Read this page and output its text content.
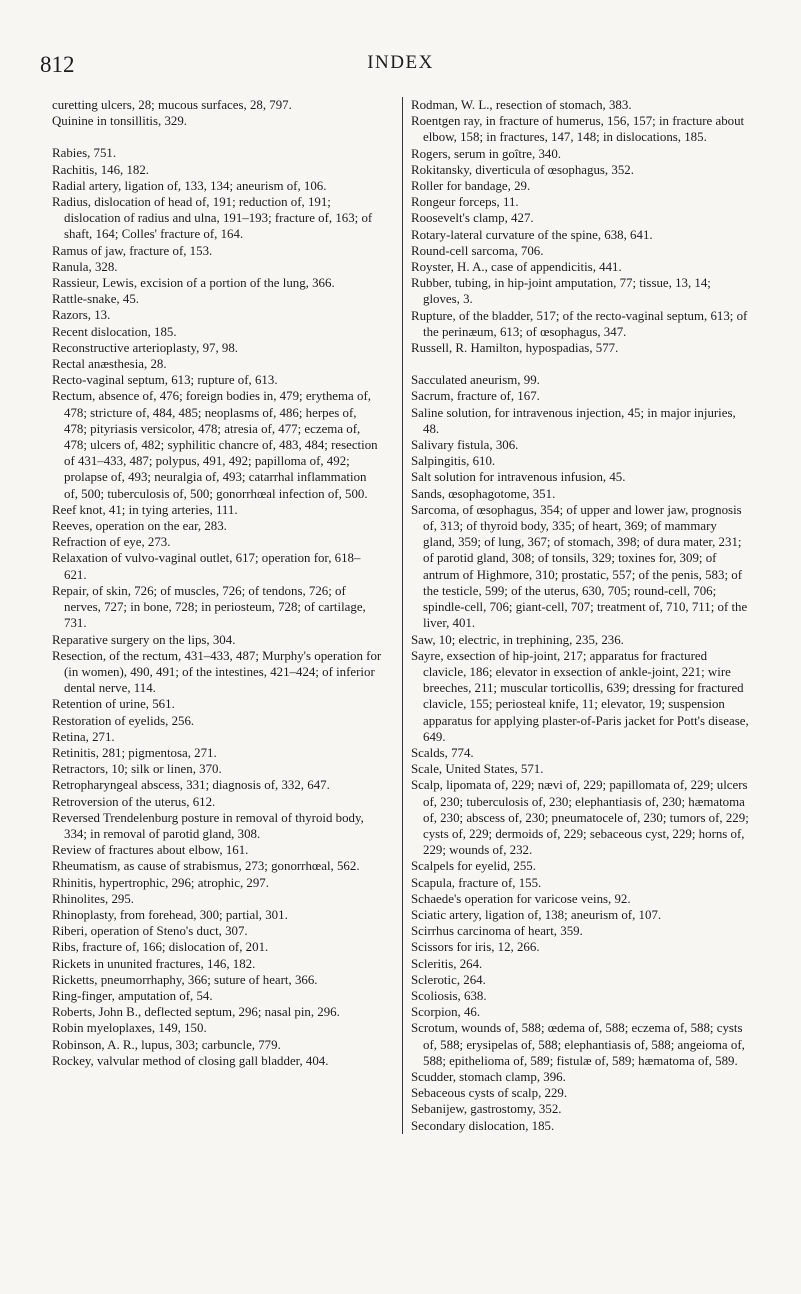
812	INDEX
curetting ulcers, 28; mucous surfaces, 28, 797.
Quinine in tonsillitis, 329.
Rabies, 751.
Rachitis, 146, 182.
Radial artery, ligation of, 133, 134; aneurism of, 106.
Radius, dislocation of head of, 191; reduction of, 191; dislocation of radius and ulna, 191–193; fracture of, 163; of shaft, 164; Colles' fracture of, 164.
Ramus of jaw, fracture of, 153.
Ranula, 328.
Rassieur, Lewis, excision of a portion of the lung, 366.
Rattle-snake, 45.
Razors, 13.
Recent dislocation, 185.
Reconstructive arterioplasty, 97, 98.
Rectal anæsthesia, 28.
Recto-vaginal septum, 613; rupture of, 613.
Rectum, absence of, 476; foreign bodies in, 479; erythema of, 478; stricture of, 484, 485; neoplasms of, 486; herpes of, 478; pityriasis versicolor, 478; atresia of, 477; eczema of, 478; ulcers of, 482; syphilitic chancre of, 483, 484; resection of 431–433, 487; polypus, 491, 492; papilloma of, 492; prolapse of, 493; neuralgia of, 493; catarrhal inflammation of, 500; tuberculosis of, 500; gonorrhœal infection of, 500.
Reef knot, 41; in tying arteries, 111.
Reeves, operation on the ear, 283.
Refraction of eye, 273.
Relaxation of vulvo-vaginal outlet, 617; operation for, 618–621.
Repair, of skin, 726; of muscles, 726; of tendons, 726; of nerves, 727; in bone, 728; in periosteum, 728; of cartilage, 731.
Reparative surgery on the lips, 304.
Resection, of the rectum, 431–433, 487; Murphy's operation for (in women), 490, 491; of the intestines, 421–424; of inferior dental nerve, 114.
Retention of urine, 561.
Restoration of eyelids, 256.
Retina, 271.
Retinitis, 281; pigmentosa, 271.
Retractors, 10; silk or linen, 370.
Retropharyngeal abscess, 331; diagnosis of, 332, 647.
Retroversion of the uterus, 612.
Reversed Trendelenburg posture in removal of thyroid body, 334; in removal of parotid gland, 308.
Review of fractures about elbow, 161.
Rheumatism, as cause of strabismus, 273; gonorrhœal, 562.
Rhinitis, hypertrophic, 296; atrophic, 297.
Rhinolites, 295.
Rhinoplasty, from forehead, 300; partial, 301.
Riberi, operation of Steno's duct, 307.
Ribs, fracture of, 166; dislocation of, 201.
Rickets in ununited fractures, 146, 182.
Ricketts, pneumorrhaphy, 366; suture of heart, 366.
Ring-finger, amputation of, 54.
Roberts, John B., deflected septum, 296; nasal pin, 296.
Robin myeloplaxes, 149, 150.
Robinson, A. R., lupus, 303; carbuncle, 779.
Rockey, valvular method of closing gall bladder, 404.
Rodman, W. L., resection of stomach, 383.
Roentgen ray, in fracture of humerus, 156, 157; in fracture about elbow, 158; in fractures, 147, 148; in dislocations, 185.
Rogers, serum in goître, 340.
Rokitansky, diverticula of œsophagus, 352.
Roller for bandage, 29.
Rongeur forceps, 11.
Roosevelt's clamp, 427.
Rotary-lateral curvature of the spine, 638, 641.
Round-cell sarcoma, 706.
Royster, H. A., case of appendicitis, 441.
Rubber, tubing, in hip-joint amputation, 77; tissue, 13, 14; gloves, 3.
Rupture, of the bladder, 517; of the recto-vaginal septum, 613; of the perinæum, 613; of œsophagus, 347.
Russell, R. Hamilton, hypospadias, 577.
Sacculated aneurism, 99.
Sacrum, fracture of, 167.
Saline solution, for intravenous injection, 45; in major injuries, 48.
Salivary fistula, 306.
Salpingitis, 610.
Salt solution for intravenous infusion, 45.
Sands, œsophagotome, 351.
Sarcoma, of œsophagus, 354; of upper and lower jaw, prognosis of, 313; of thyroid body, 335; of heart, 369; of mammary gland, 359; of lung, 367; of stomach, 398; of dura mater, 231; of parotid gland, 308; of tonsils, 329; toxines for, 309; of antrum of Highmore, 310; prostatic, 557; of the penis, 583; of the testicle, 599; of the uterus, 630, 705; round-cell, 706; spindle-cell, 706; giant-cell, 707; treatment of, 710, 711; of the liver, 401.
Saw, 10; electric, in trephining, 235, 236.
Sayre, exsection of hip-joint, 217; apparatus for fractured clavicle, 186; elevator in exsection of ankle-joint, 221; wire breeches, 211; muscular torticollis, 639; dressing for fractured clavicle, 155; periosteal knife, 11; elevator, 19; suspension apparatus for applying plaster-of-Paris jacket for Pott's disease, 649.
Scalds, 774.
Scale, United States, 571.
Scalp, lipomata of, 229; nævi of, 229; papillomata of, 229; ulcers of, 230; tuberculosis of, 230; elephantiasis of, 230; hæmatoma of, 230; abscess of, 230; pneumatocele of, 230; tumors of, 229; cysts of, 229; dermoids of, 229; sebaceous cyst, 229; horns of, 229; wounds of, 232.
Scalpels for eyelid, 255.
Scapula, fracture of, 155.
Schaede's operation for varicose veins, 92.
Sciatic artery, ligation of, 138; aneurism of, 107.
Scirrhus carcinoma of heart, 359.
Scissors for iris, 12, 266.
Scleritis, 264.
Sclerotic, 264.
Scoliosis, 638.
Scorpion, 46.
Scrotum, wounds of, 588; œdema of, 588; eczema of, 588; cysts of, 588; erysipelas of, 588; elephantiasis of, 588; angeioma of, 588; epithelioma of, 589; fistulæ of, 589; hæmatoma of, 589.
Scudder, stomach clamp, 396.
Sebaceous cysts of scalp, 229.
Sebanijew, gastrostomy, 352.
Secondary dislocation, 185.
